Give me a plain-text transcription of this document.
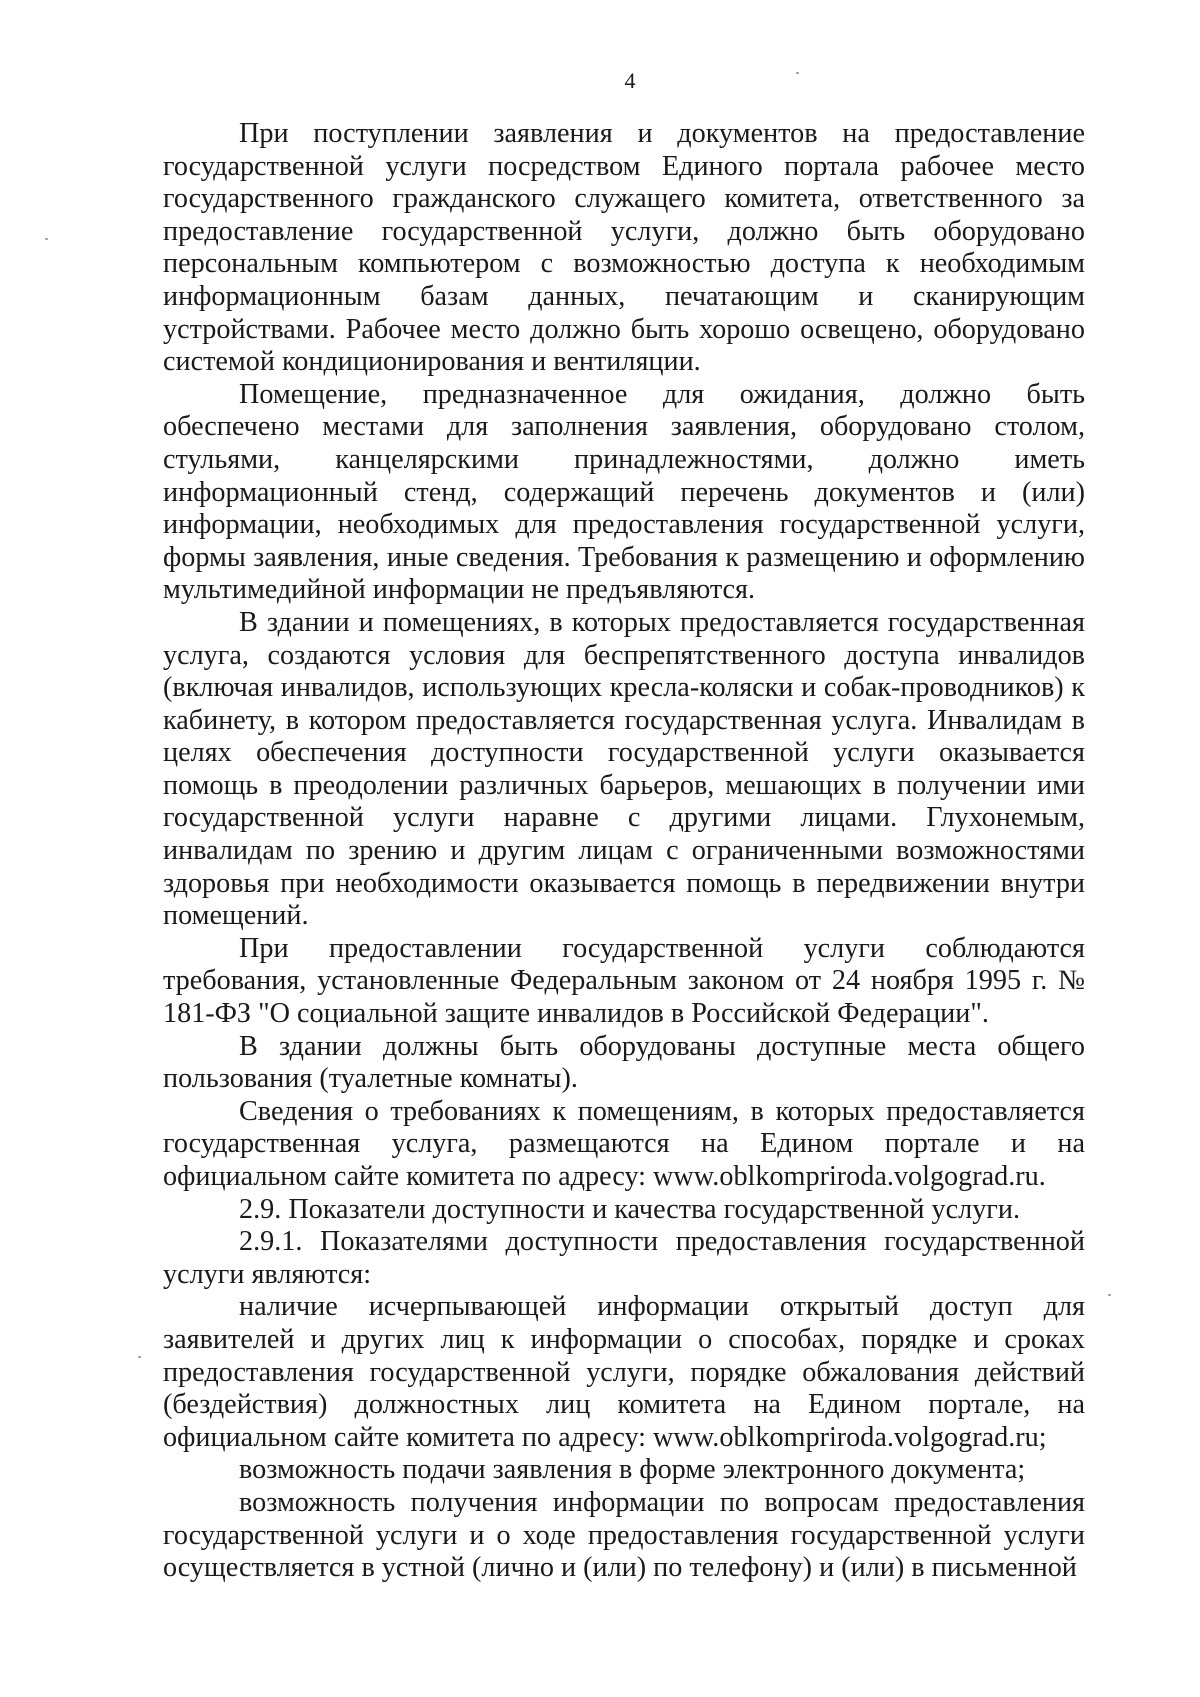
4

При поступлении заявления и документов на предоставление государственной услуги посредством Единого портала рабочее место государственного гражданского служащего комитета, ответственного за предоставление государственной услуги, должно быть оборудовано персональным компьютером с возможностью доступа к необходимым информационным базам данных, печатающим и сканирующим устройствами. Рабочее место должно быть хорошо освещено, оборудовано системой кондиционирования и вентиляции.

Помещение, предназначенное для ожидания, должно быть обеспечено местами для заполнения заявления, оборудовано столом, стульями, канцелярскими принадлежностями, должно иметь информационный стенд, содержащий перечень документов и (или) информации, необходимых для предоставления государственной услуги, формы заявления, иные сведения. Требования к размещению и оформлению мультимедийной информации не предъявляются.

В здании и помещениях, в которых предоставляется государственная услуга, создаются условия для беспрепятственного доступа инвалидов (включая инвалидов, использующих кресла-коляски и собак-проводников) к кабинету, в котором предоставляется государственная услуга. Инвалидам в целях обеспечения доступности государственной услуги оказывается помощь в преодолении различных барьеров, мешающих в получении ими государственной услуги наравне с другими лицами. Глухонемым, инвалидам по зрению и другим лицам с ограниченными возможностями здоровья при необходимости оказывается помощь в передвижении внутри помещений.

При предоставлении государственной услуги соблюдаются требования, установленные Федеральным законом от 24 ноября 1995 г. № 181-ФЗ "О социальной защите инвалидов в Российской Федерации".

В здании должны быть оборудованы доступные места общего пользования (туалетные комнаты).

Сведения о требованиях к помещениям, в которых предоставляется государственная услуга, размещаются на Едином портале и на официальном сайте комитета по адресу: www.oblkompriroda.volgograd.ru.

2.9. Показатели доступности и качества государственной услуги.

2.9.1. Показателями доступности предоставления государственной услуги являются:

наличие исчерпывающей информации открытый доступ для заявителей и других лиц к информации о способах, порядке и сроках предоставления государственной услуги, порядке обжалования действий (бездействия) должностных лиц комитета на Едином портале, на официальном сайте комитета по адресу: www.oblkompriroda.volgograd.ru;

возможность подачи заявления в форме электронного документа;

возможность получения информации по вопросам предоставления государственной услуги и о ходе предоставления государственной услуги осуществляется в устной (лично и (или) по телефону) и (или) в письменной
